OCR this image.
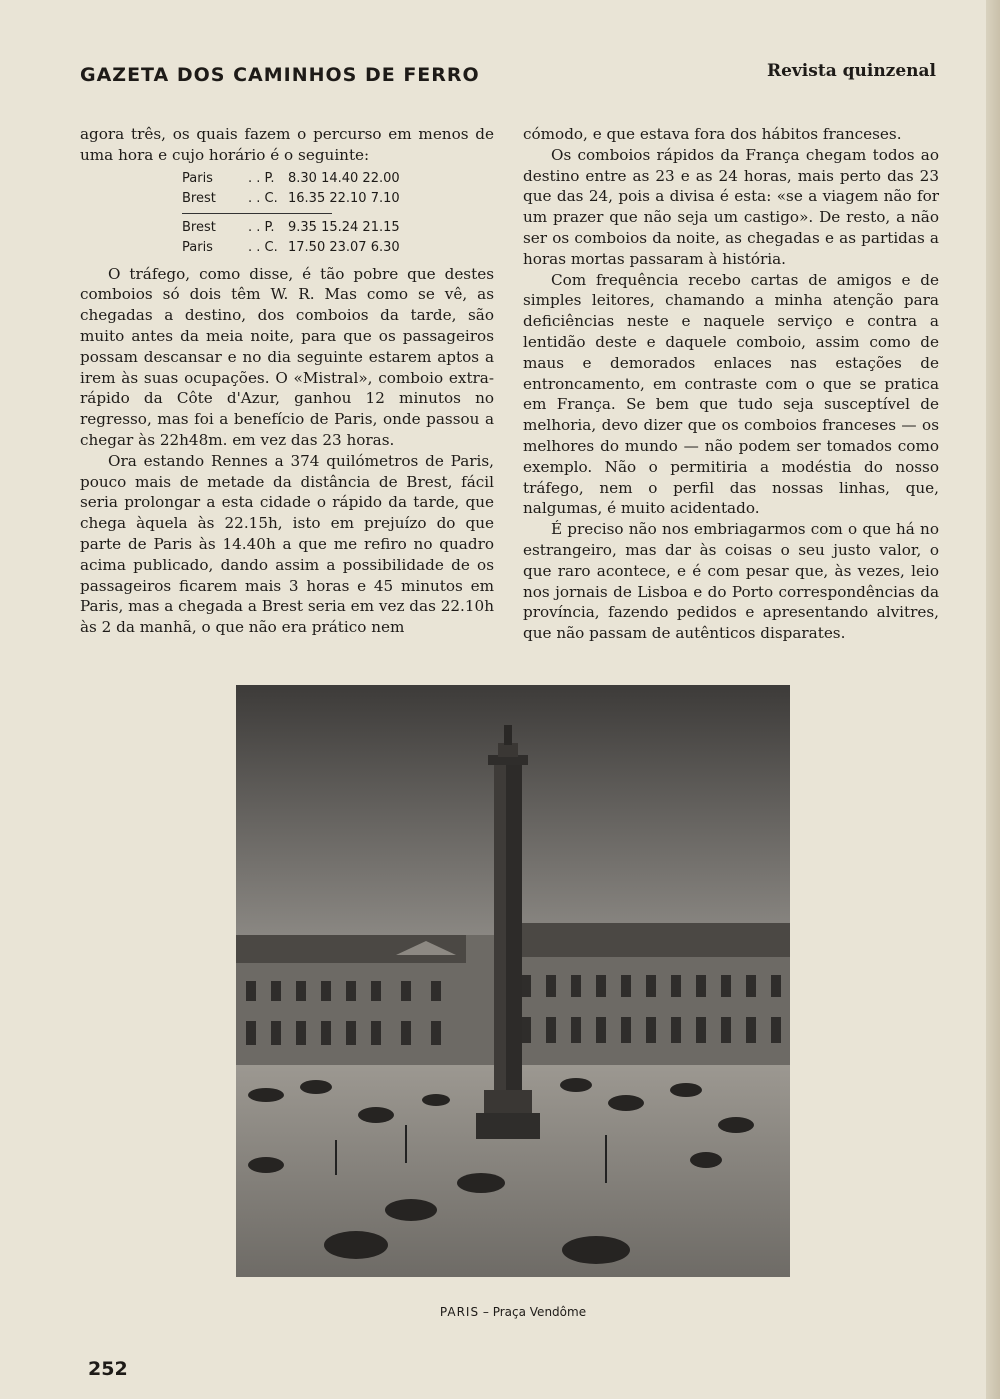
GAZETA DOS CAMINHOS DE FERRO	Revista quinzenal

agora três, os quais fazem o percurso em menos de uma hora e cujo horário é o seguinte:

Paris	. . P.	8.30 14.40 22.00
Brest	. . C. 16.35 22.10 7.10
Brest	. . P.	9.35 15.24 21.15
Paris	. . C. 17.50 23.07 6.30

O tráfego, como disse, é tão pobre que destes comboios só dois têm W. R. Mas como se vê, as chegadas a destino, dos comboios da tarde, são muito antes da meia noite, para que os passageiros possam descansar e no dia seguinte estarem aptos a irem às suas ocupações. O «Mistral», comboio extra-rápido da Côte d'Azur, ganhou 12 minutos no regresso, mas foi a benefício de Paris, onde passou a chegar às 22h48m. em vez das 23 horas.

Ora estando Rennes a 374 quilómetros de Paris, pouco mais de metade da distância de Brest, fácil seria prolongar a esta cidade o rápido da tarde, que chega àquela às 22.15h, isto em prejuízo do que parte de Paris às 14.40h a que me refiro no quadro acima publicado, dando assim a possibilidade de os passageiros ficarem mais 3 horas e 45 minutos em Paris, mas a chegada a Brest seria em vez das 22.10h às 2 da manhã, o que não era prático nem

cómodo, e que estava fora dos hábitos franceses.

Os comboios rápidos da França chegam todos ao destino entre as 23 e as 24 horas, mais perto das 23 que das 24, pois a divisa é esta: «se a viagem não for um prazer que não seja um castigo». De resto, a não ser os comboios da noite, as chegadas e as partidas a horas mortas passaram à história.

Com frequência recebo cartas de amigos e de simples leitores, chamando a minha atenção para deficiências neste e naquele serviço e contra a lentidão deste e daquele comboio, assim como de maus e demorados enlaces nas estações de entroncamento, em contraste com o que se pratica em França. Se bem que tudo seja susceptível de melhoria, devo dizer que os comboios franceses — os melhores do mundo — não podem ser tomados como exemplo. Não o permitiria a modéstia do nosso tráfego, nem o perfil das nossas linhas, que, nalgumas, é muito acidentado.

É preciso não nos embriagarmos com o que há no estrangeiro, mas dar às coisas o seu justo valor, o que raro acontece, e é com pesar que, às vezes, leio nos jornais de Lisboa e do Porto correspondências da província, fazendo pedidos e apresentando alvitres, que não passam de autênticos disparates.

PARIS – Praça Vendôme
252
